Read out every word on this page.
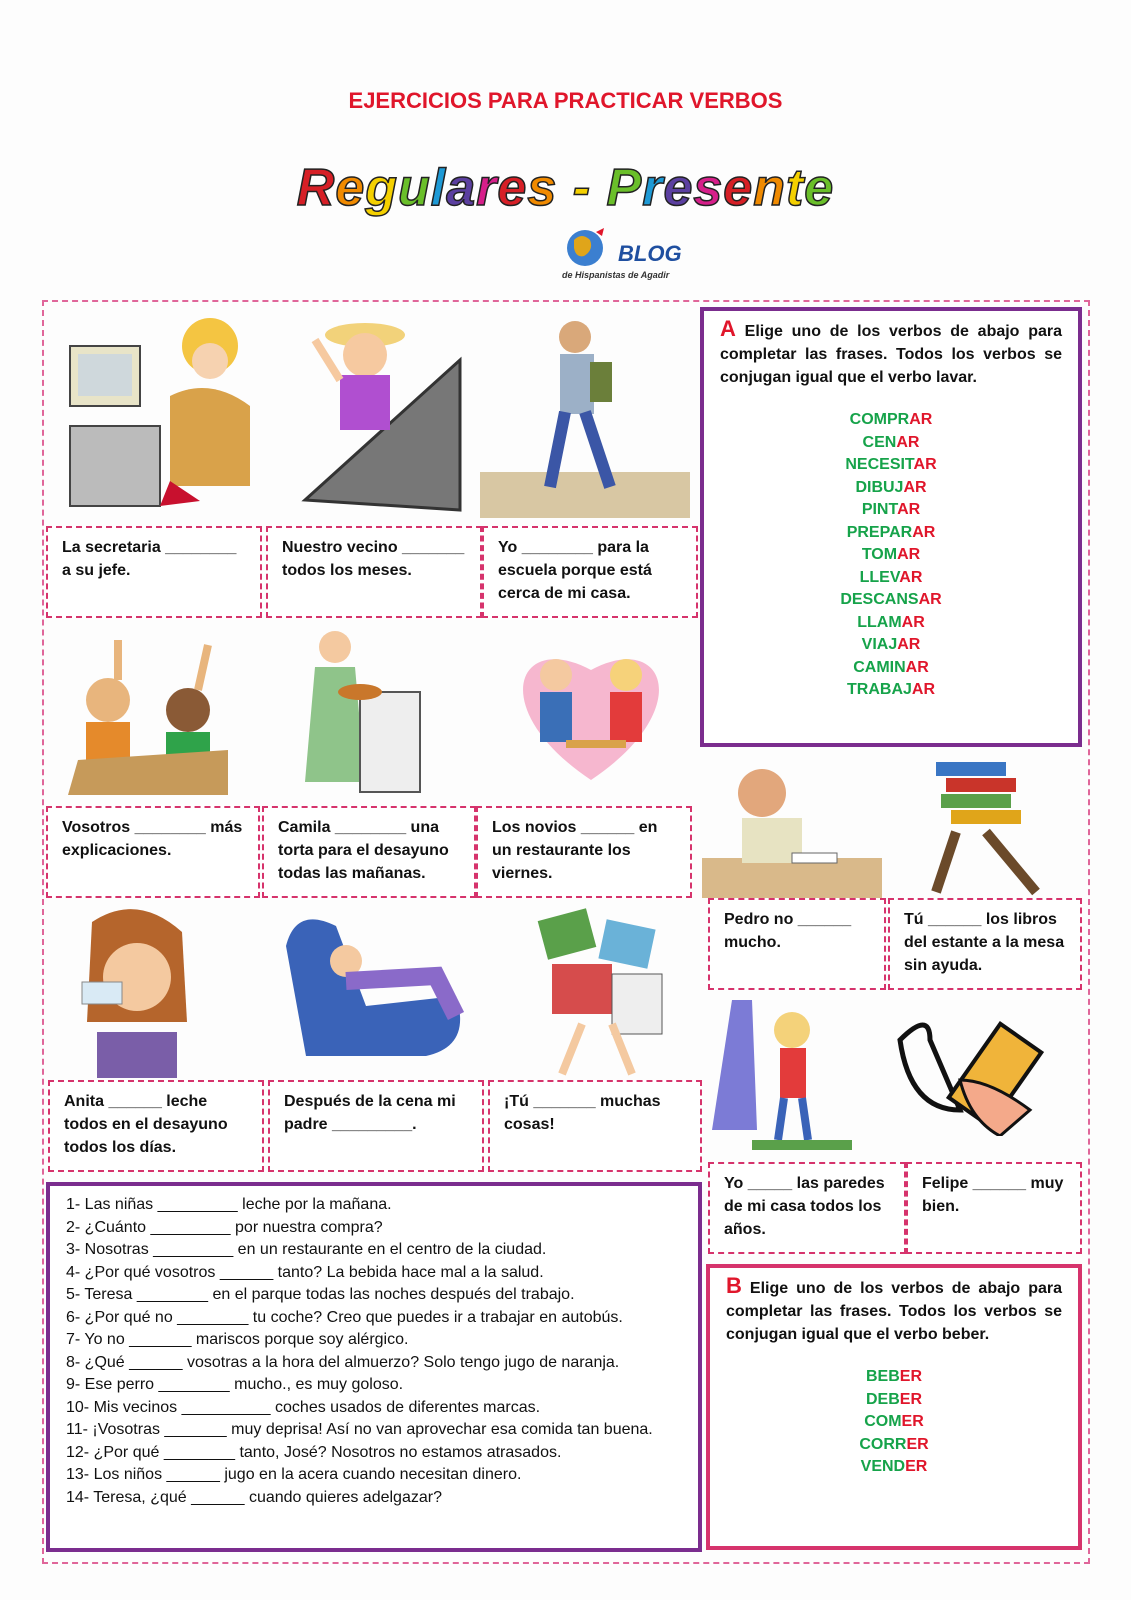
EJERCICIOS PARA PRACTICAR VERBOS
Regulares - Presente
BLOG
de Hispanistas de Agadir
La secretaria ________ a su jefe.
Nuestro vecino _______ todos los meses.
Yo ________ para la escuela porque está cerca de mi casa.
Vosotros ________ más explicaciones.
Camila ________ una torta para el desayuno todas las mañanas.
Los novios ______ en un restaurante los viernes.
Pedro no ______ mucho.
Tú ______ los libros del estante a la mesa sin ayuda.
Anita ______ leche todos en el desayuno todos los días.
Después de la cena mi padre _________.
¡Tú _______ muchas cosas!
Yo _____ las paredes de mi casa todos los años.
Felipe ______ muy bien.
A Elige uno de los verbos de abajo para completar las frases. Todos los verbos se conjugan igual que el verbo lavar.
COMPRAR
CENAR
NECESITAR
DIBUJAR
PINTAR
PREPARAR
TOMAR
LLEVAR
DESCANSAR
LLAMAR
VIAJAR
CAMINAR
TRABAJAR
B Elige uno de los verbos de abajo para completar las frases. Todos los verbos se conjugan igual que el verbo beber.
BEBER
DEBER
COMER
CORRER
VENDER
1- Las niñas _________ leche por la mañana.
2- ¿Cuánto _________ por nuestra compra?
3- Nosotras _________ en un restaurante en el centro de la ciudad.
4- ¿Por qué vosotros ______ tanto? La bebida hace mal a la salud.
5- Teresa ________ en el parque todas las noches después del trabajo.
6- ¿Por qué no ________ tu coche? Creo que puedes ir a trabajar en autobús.
7- Yo no _______ mariscos porque soy alérgico.
8- ¿Qué ______ vosotras a la hora del almuerzo? Solo tengo jugo de naranja.
9- Ese perro ________ mucho., es muy goloso.
10- Mis vecinos __________ coches usados de diferentes marcas.
11- ¡Vosotras _______ muy deprisa! Así no van aprovechar esa comida tan buena.
12- ¿Por qué ________ tanto, José? Nosotros no estamos atrasados.
13- Los niños ______ jugo en la acera cuando necesitan dinero.
14- Teresa, ¿qué ______ cuando quieres adelgazar?
